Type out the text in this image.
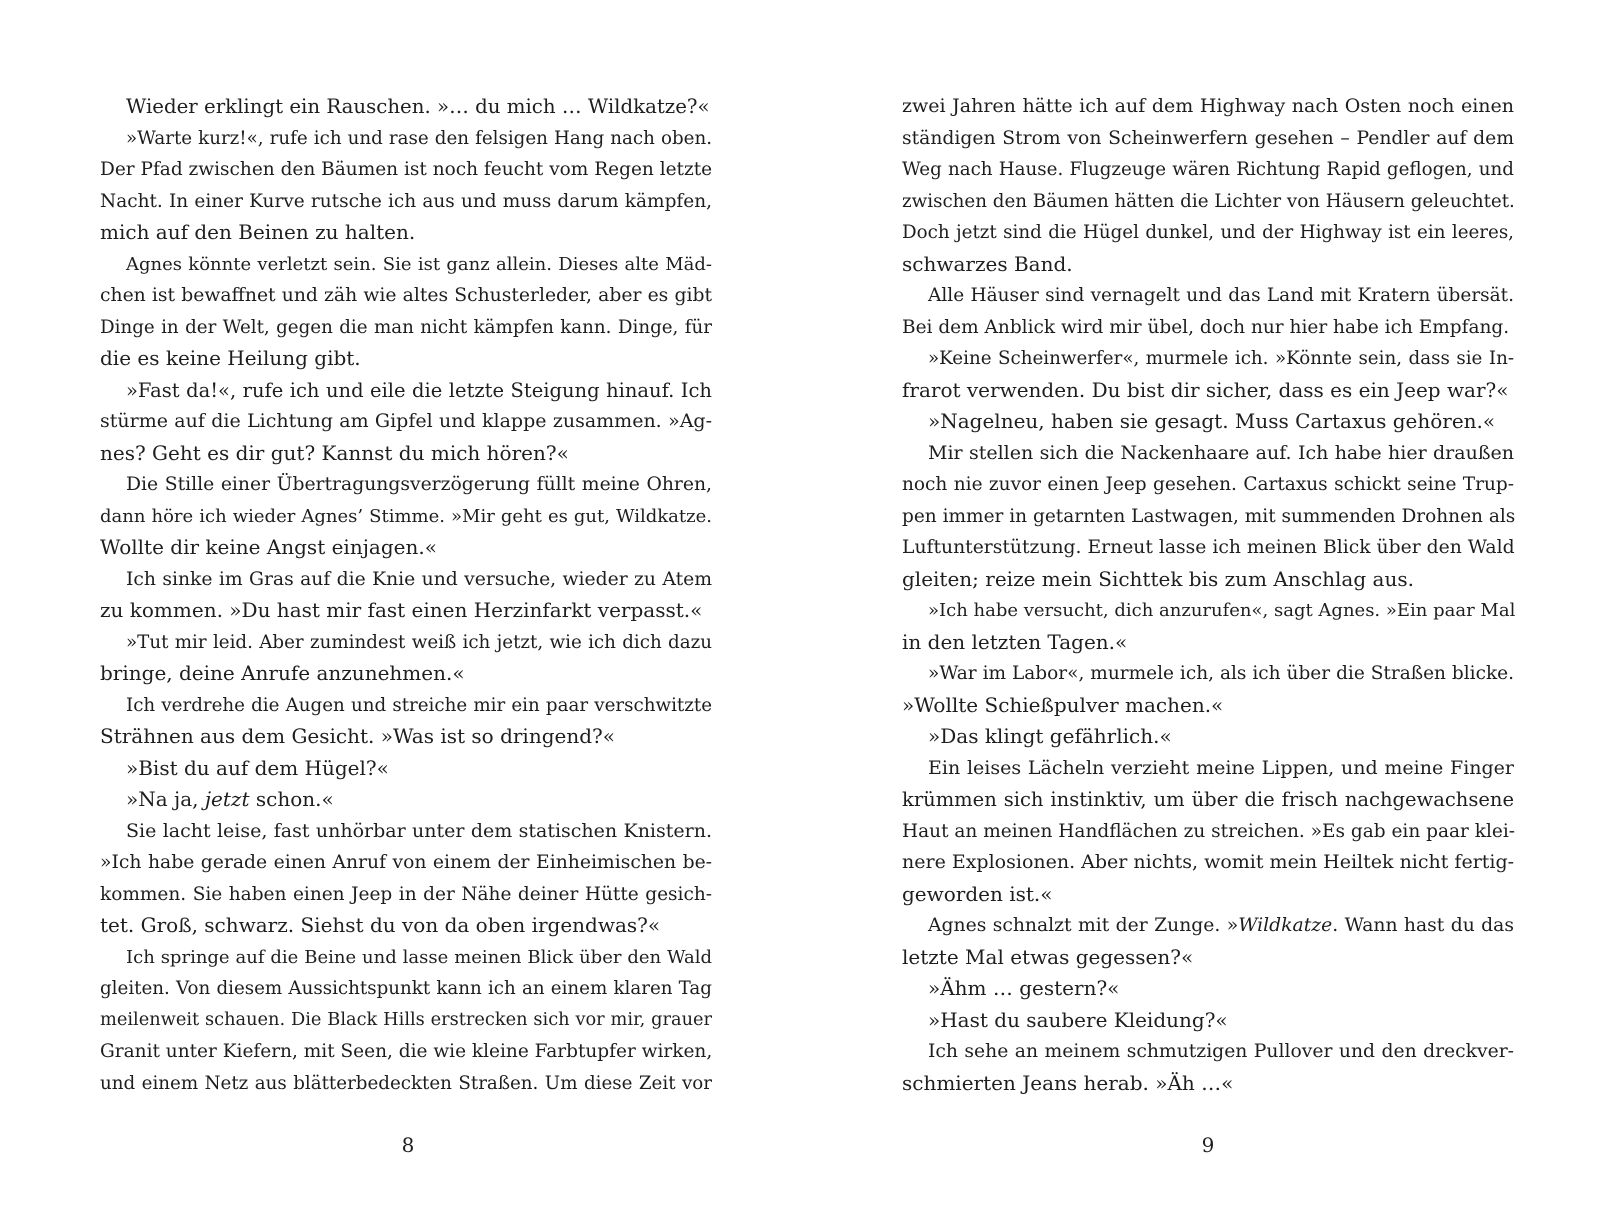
Wieder erklingt ein Rauschen. »… du mich … Wildkatze?«
»Warte kurz!«, rufe ich und rase den felsigen Hang nach oben.
Der Pfad zwischen den Bäumen ist noch feucht vom Regen letzte
Nacht. In einer Kurve rutsche ich aus und muss darum kämpfen,
mich auf den Beinen zu halten.
Agnes könnte verletzt sein. Sie ist ganz allein. Dieses alte Mäd-
chen ist bewaffnet und zäh wie altes Schusterleder, aber es gibt
Dinge in der Welt, gegen die man nicht kämpfen kann. Dinge, für
die es keine Heilung gibt.
»Fast da!«, rufe ich und eile die letzte Steigung hinauf. Ich
stürme auf die Lichtung am Gipfel und klappe zusammen. »Ag-
nes? Geht es dir gut? Kannst du mich hören?«
Die Stille einer Übertragungsverzögerung füllt meine Ohren,
dann höre ich wieder Agnes’ Stimme. »Mir geht es gut, Wildkatze.
Wollte dir keine Angst einjagen.«
Ich sinke im Gras auf die Knie und versuche, wieder zu Atem
zu kommen. »Du hast mir fast einen Herzinfarkt verpasst.«
»Tut mir leid. Aber zumindest weiß ich jetzt, wie ich dich dazu
bringe, deine Anrufe anzunehmen.«
Ich verdrehe die Augen und streiche mir ein paar verschwitzte
Strähnen aus dem Gesicht. »Was ist so dringend?«
»Bist du auf dem Hügel?«
»Na ja, jetzt schon.«
Sie lacht leise, fast unhörbar unter dem statischen Knistern.
»Ich habe gerade einen Anruf von einem der Einheimischen be-
kommen. Sie haben einen Jeep in der Nähe deiner Hütte gesich-
tet. Groß, schwarz. Siehst du von da oben irgendwas?«
Ich springe auf die Beine und lasse meinen Blick über den Wald
gleiten. Von diesem Aussichtspunkt kann ich an einem klaren Tag
meilenweit schauen. Die Black Hills erstrecken sich vor mir, grauer
Granit unter Kiefern, mit Seen, die wie kleine Farbtupfer wirken,
und einem Netz aus blätterbedeckten Straßen. Um diese Zeit vor
zwei Jahren hätte ich auf dem Highway nach Osten noch einen
ständigen Strom von Scheinwerfern gesehen – Pendler auf dem
Weg nach Hause. Flugzeuge wären Richtung Rapid geflogen, und
zwischen den Bäumen hätten die Lichter von Häusern geleuchtet.
Doch jetzt sind die Hügel dunkel, und der Highway ist ein leeres,
schwarzes Band.
Alle Häuser sind vernagelt und das Land mit Kratern übersät.
Bei dem Anblick wird mir übel, doch nur hier habe ich Empfang.
»Keine Scheinwerfer«, murmele ich. »Könnte sein, dass sie In-
frarot verwenden. Du bist dir sicher, dass es ein Jeep war?«
»Nagelneu, haben sie gesagt. Muss Cartaxus gehören.«
Mir stellen sich die Nackenhaare auf. Ich habe hier draußen
noch nie zuvor einen Jeep gesehen. Cartaxus schickt seine Trup-
pen immer in getarnten Lastwagen, mit summenden Drohnen als
Luftunterstützung. Erneut lasse ich meinen Blick über den Wald
gleiten; reize mein Sichttek bis zum Anschlag aus.
»Ich habe versucht, dich anzurufen«, sagt Agnes. »Ein paar Mal
in den letzten Tagen.«
»War im Labor«, murmele ich, als ich über die Straßen blicke.
»Wollte Schießpulver machen.«
»Das klingt gefährlich.«
Ein leises Lächeln verzieht meine Lippen, und meine Finger
krümmen sich instinktiv, um über die frisch nachgewachsene
Haut an meinen Handflächen zu streichen. »Es gab ein paar klei-
nere Explosionen. Aber nichts, womit mein Heiltek nicht fertig-
geworden ist.«
Agnes schnalzt mit der Zunge. »Wildkatze. Wann hast du das
letzte Mal etwas gegessen?«
»Ähm … gestern?«
»Hast du saubere Kleidung?«
Ich sehe an meinem schmutzigen Pullover und den dreckver-
schmierten Jeans herab. »Äh …«
8	9
